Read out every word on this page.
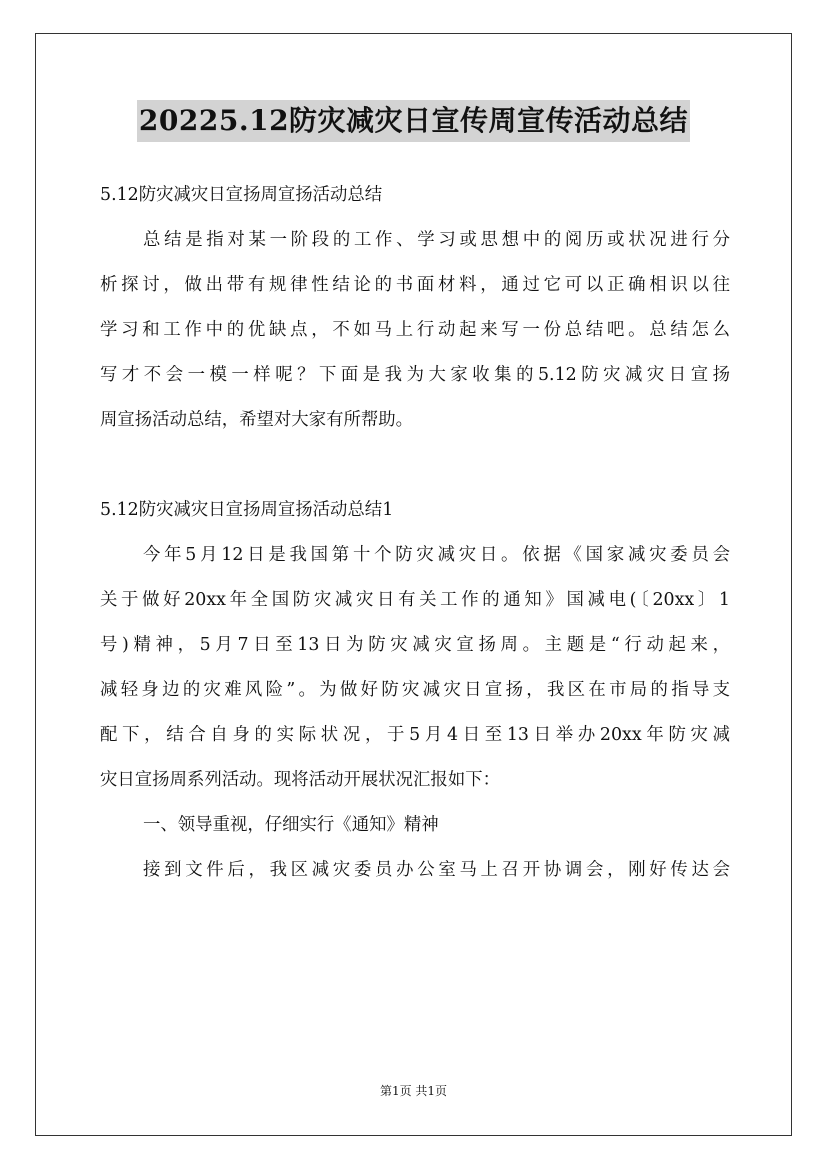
20225.12防灾减灾日宣传周宣传活动总结
5.12防灾减灾日宣扬周宣扬活动总结
总结是指对某一阶段的工作、学习或思想中的阅历或状况进行分
析探讨，做出带有规律性结论的书面材料，通过它可以正确相识以往
学习和工作中的优缺点，不如马上行动起来写一份总结吧。总结怎么
写才不会一模一样呢？下面是我为大家收集的5.12防灾减灾日宣扬
周宣扬活动总结，希望对大家有所帮助。
5.12防灾减灾日宣扬周宣扬活动总结1
今年5月12日是我国第十个防灾减灾日。依据《国家减灾委员会
关于做好20xx年全国防灾减灾日有关工作的通知》国减电(〔20xx〕1
号)精神，5月7日至13日为防灾减灾宣扬周。主题是“行动起来，
减轻身边的灾难风险”。为做好防灾减灾日宣扬，我区在市局的指导支
配下，结合自身的实际状况，于5月4日至13日举办20xx年防灾减
灾日宣扬周系列活动。现将活动开展状况汇报如下：
一、领导重视，仔细实行《通知》精神
接到文件后，我区减灾委员办公室马上召开协调会，刚好传达会
第1页 共1页
